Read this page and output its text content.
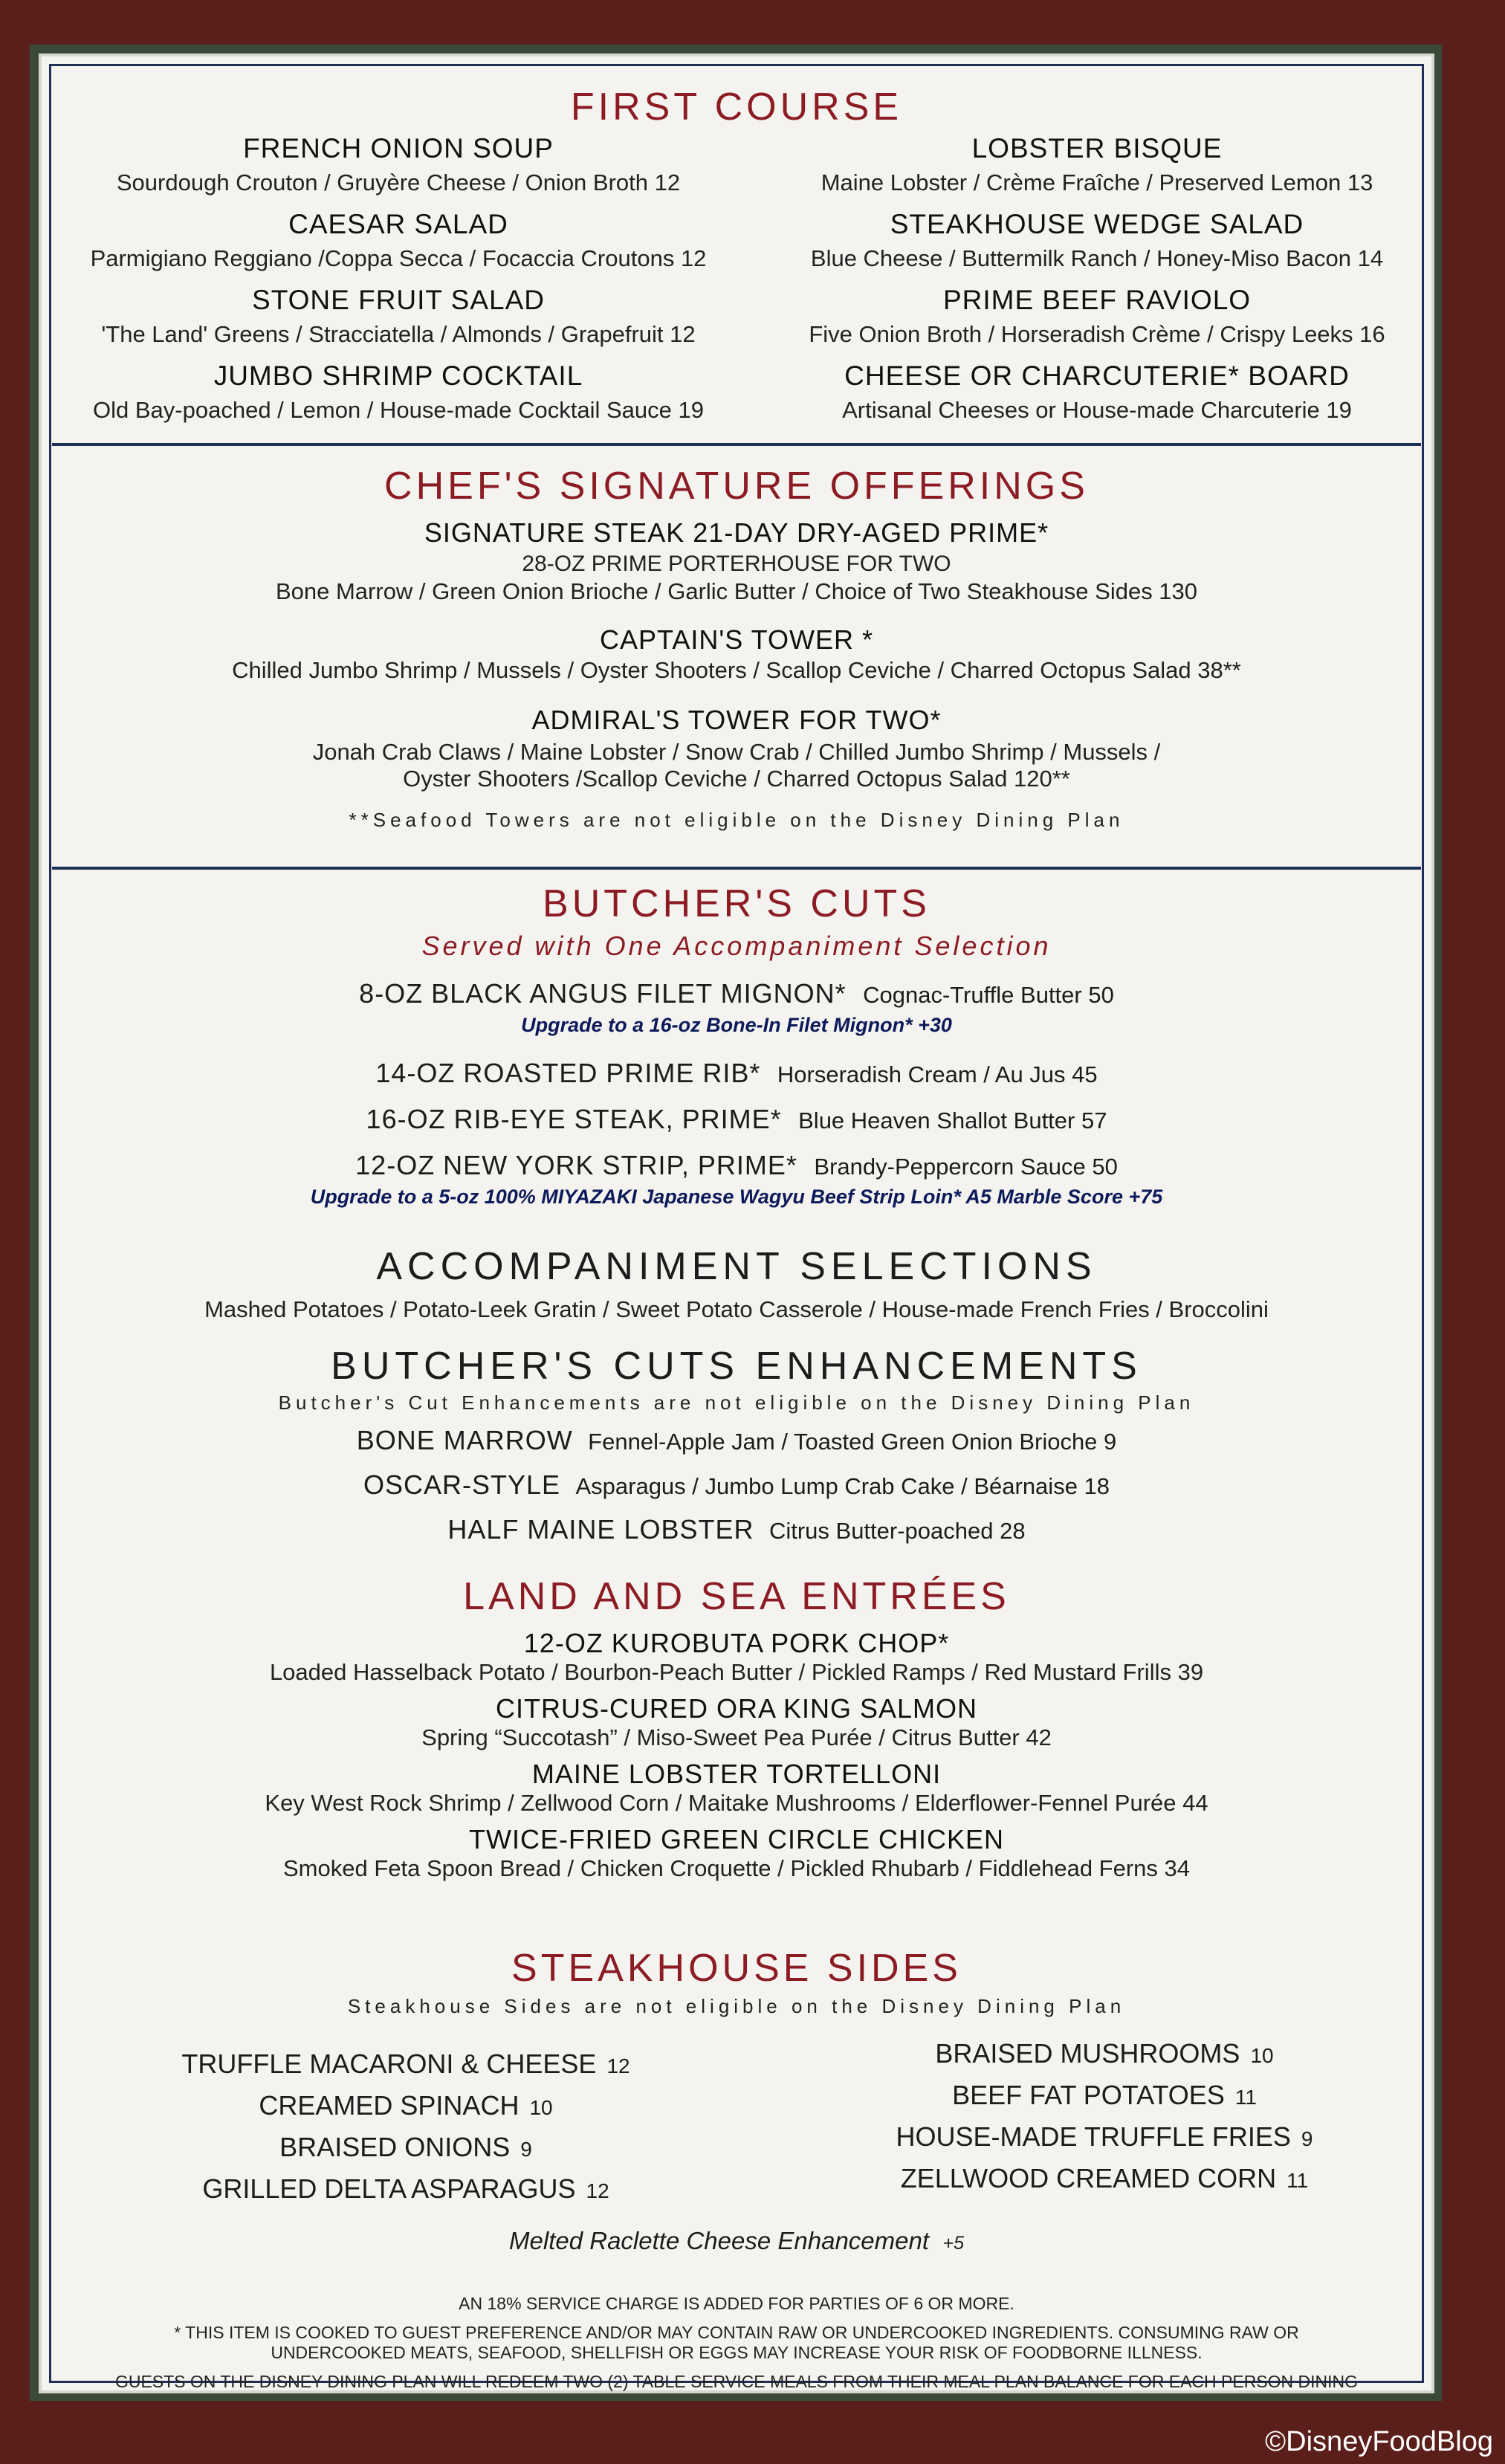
FIRST COURSE
FRENCH ONION SOUP
Sourdough Crouton / Gruyère Cheese / Onion Broth 12
CAESAR SALAD
Parmigiano Reggiano /Coppa Secca / Focaccia Croutons 12
STONE FRUIT SALAD
'The Land' Greens / Stracciatella / Almonds / Grapefruit 12
JUMBO SHRIMP COCKTAIL
Old Bay-poached / Lemon / House-made Cocktail Sauce 19
LOBSTER BISQUE
Maine Lobster / Crème Fraîche / Preserved Lemon 13
STEAKHOUSE WEDGE SALAD
Blue Cheese / Buttermilk Ranch / Honey-Miso Bacon 14
PRIME BEEF RAVIOLO
Five Onion Broth / Horseradish Crème / Crispy Leeks 16
CHEESE OR CHARCUTERIE* BOARD
Artisanal Cheeses or House-made Charcuterie 19
CHEF'S SIGNATURE OFFERINGS
SIGNATURE STEAK 21-DAY DRY-AGED PRIME*
28-OZ PRIME PORTERHOUSE FOR TWO
Bone Marrow / Green Onion Brioche / Garlic Butter / Choice of Two Steakhouse Sides 130
CAPTAIN'S TOWER *
Chilled Jumbo Shrimp / Mussels / Oyster Shooters / Scallop Ceviche / Charred Octopus Salad 38**
ADMIRAL'S TOWER FOR TWO*
Jonah Crab Claws / Maine Lobster / Snow Crab / Chilled Jumbo Shrimp / Mussels /
Oyster Shooters /Scallop Ceviche / Charred Octopus Salad 120**
**Seafood Towers are not eligible on the Disney Dining Plan
BUTCHER'S CUTS
Served with One Accompaniment Selection
8-OZ BLACK ANGUS FILET MIGNON* Cognac-Truffle Butter 50
Upgrade to a 16-oz Bone-In Filet Mignon* +30
14-OZ ROASTED PRIME RIB* Horseradish Cream / Au Jus 45
16-OZ RIB-EYE STEAK, PRIME* Blue Heaven Shallot Butter 57
12-OZ NEW YORK STRIP, PRIME* Brandy-Peppercorn Sauce 50
Upgrade to a 5-oz 100% MIYAZAKI Japanese Wagyu Beef Strip Loin* A5 Marble Score +75
ACCOMPANIMENT SELECTIONS
Mashed Potatoes / Potato-Leek Gratin / Sweet Potato Casserole / House-made French Fries / Broccolini
BUTCHER'S CUTS ENHANCEMENTS
Butcher's Cut Enhancements are not eligible on the Disney Dining Plan
BONE MARROW Fennel-Apple Jam / Toasted Green Onion Brioche 9
OSCAR-STYLE Asparagus / Jumbo Lump Crab Cake / Béarnaise 18
HALF MAINE LOBSTER Citrus Butter-poached 28
LAND AND SEA ENTRÉES
12-OZ KUROBUTA PORK CHOP*
Loaded Hasselback Potato / Bourbon-Peach Butter / Pickled Ramps / Red Mustard Frills 39
CITRUS-CURED ORA KING SALMON
Spring “Succotash” / Miso-Sweet Pea Purée / Citrus Butter 42
MAINE LOBSTER TORTELLONI
Key West Rock Shrimp / Zellwood Corn / Maitake Mushrooms / Elderflower-Fennel Purée 44
TWICE-FRIED GREEN CIRCLE CHICKEN
Smoked Feta Spoon Bread / Chicken Croquette / Pickled Rhubarb / Fiddlehead Ferns 34
STEAKHOUSE SIDES
Steakhouse Sides are not eligible on the Disney Dining Plan
TRUFFLE MACARONI & CHEESE 12
CREAMED SPINACH 10
BRAISED ONIONS 9
GRILLED DELTA ASPARAGUS 12
BRAISED MUSHROOMS 10
BEEF FAT POTATOES 11
HOUSE-MADE TRUFFLE FRIES 9
ZELLWOOD CREAMED CORN 11
Melted Raclette Cheese Enhancement +5
AN 18% SERVICE CHARGE IS ADDED FOR PARTIES OF 6 OR MORE.
* THIS ITEM IS COOKED TO GUEST PREFERENCE AND/OR MAY CONTAIN RAW OR UNDERCOOKED INGREDIENTS. CONSUMING RAW OR
UNDERCOOKED MEATS, SEAFOOD, SHELLFISH OR EGGS MAY INCREASE YOUR RISK OF FOODBORNE ILLNESS.
GUESTS ON THE DISNEY DINING PLAN WILL REDEEM TWO (2) TABLE SERVICE MEALS FROM THEIR MEAL PLAN BALANCE FOR EACH PERSON DINING
©DisneyFoodBlog
